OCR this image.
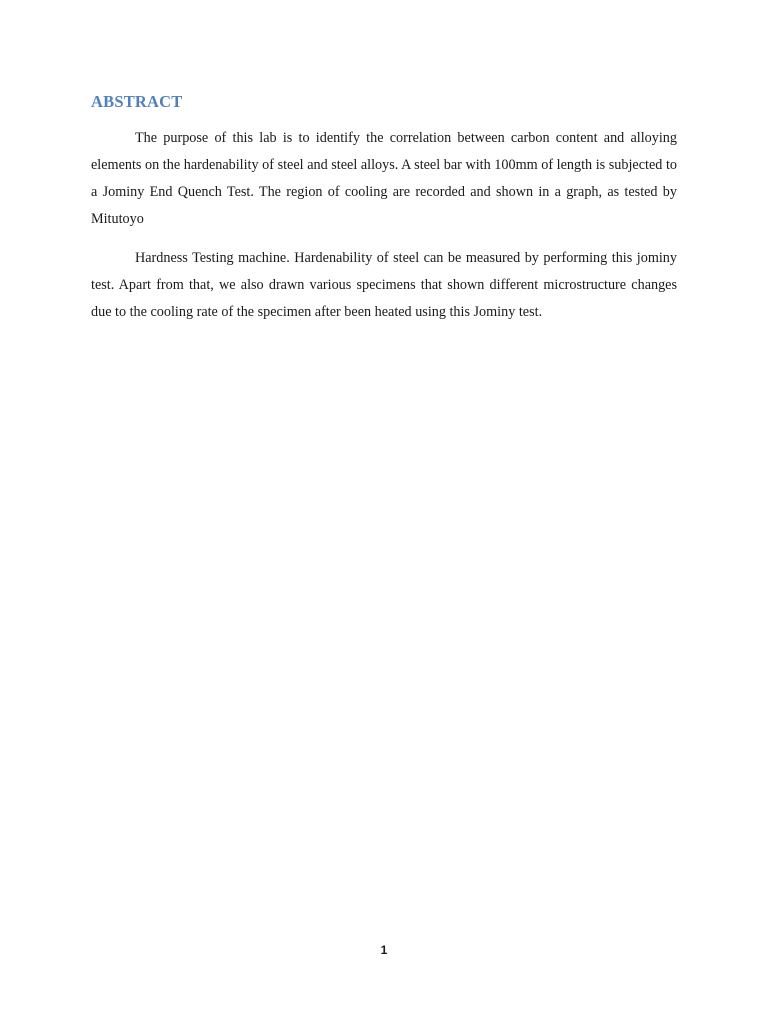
ABSTRACT

The purpose of this lab is to identify the correlation between carbon content and alloying elements on the hardenability of steel and steel alloys. A steel bar with 100mm of length is subjected to a Jominy End Quench Test. The region of cooling are recorded and shown in a graph, as tested by Mitutoyo

Hardness Testing machine. Hardenability of steel can be measured by performing this jominy test. Apart from that, we also drawn various specimens that shown different microstructure changes due to the cooling rate of the specimen after been heated using this Jominy test.

1
